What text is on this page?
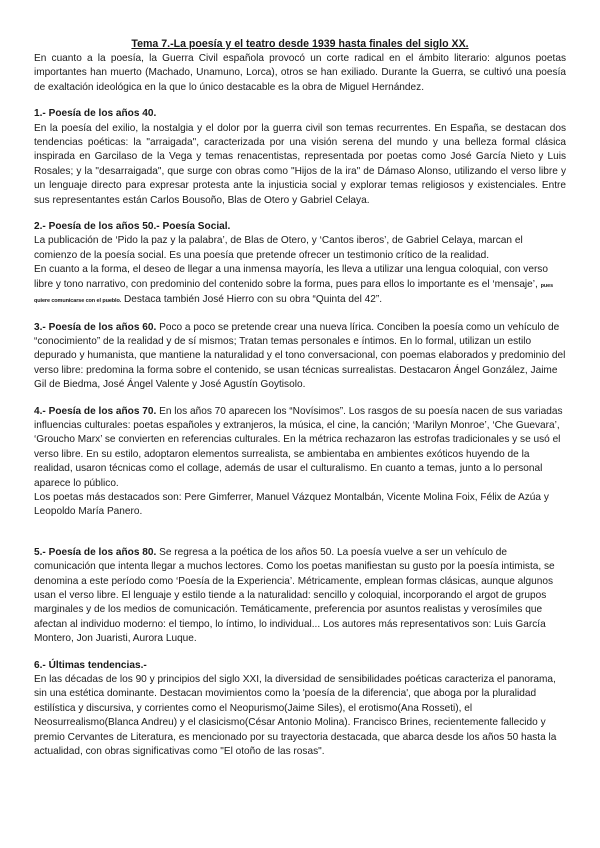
Tema 7.-La poesía y el teatro desde 1939 hasta finales del siglo XX.

En cuanto a la poesía, la Guerra Civil española provocó un corte radical en el ámbito literario: algunos poetas importantes han muerto (Machado, Unamuno, Lorca), otros se han exiliado. Durante la Guerra, se cultivó una poesía de exaltación ideológica en la que lo único destacable es la obra de Miguel Hernández.

1.- Poesía de los años 40.

En la poesía del exilio, la nostalgia y el dolor por la guerra civil son temas recurrentes. En España, se destacan dos tendencias poéticas: la "arraigada", caracterizada por una visión serena del mundo y una belleza formal clásica inspirada en Garcilaso de la Vega y temas renacentistas, representada por poetas como José García Nieto y Luis Rosales; y la "desarraigada", que surge con obras como "Hijos de la ira" de Dámaso Alonso, utilizando el verso libre y un lenguaje directo para expresar protesta ante la injusticia social y explorar temas religiosos y existenciales. Entre sus representantes están Carlos Bousoño, Blas de Otero y Gabriel Celaya.

2.- Poesía de los años 50.- Poesía Social.

La publicación de ‘Pido la paz y la palabra’, de Blas de Otero, y ‘Cantos iberos’, de Gabriel Celaya, marcan el comienzo de la poesía social. Es una poesía que pretende ofrecer un testimonio crítico de la realidad.

En cuanto a la forma, el deseo de llegar a una inmensa mayoría, les lleva a utilizar una lengua coloquial, con verso libre y tono narrativo, con predominio del contenido sobre la forma, pues para ellos lo importante es el ‘mensaje’, pues quiere comunicarse con el pueblo. Destaca también José Hierro con su obra “Quinta del 42”.

3.- Poesía de los años 60. Poco a poco se pretende crear una nueva lírica. Conciben la poesía como un vehículo de “conocimiento” de la realidad y de sí mismos; Tratan temas personales e íntimos. En lo formal, utilizan un estilo depurado y humanista, que mantiene la naturalidad y el tono conversacional, con poemas elaborados y predominio del verso libre: predomina la forma sobre el contenido, se usan técnicas surrealistas. Destacaron Ángel González, Jaime Gil de Biedma, José Ángel Valente y José Agustín Goytisolo.

4.- Poesía de los años 70. En los años 70 aparecen los “Novísimos”. Los rasgos de su poesía nacen de sus variadas influencias culturales: poetas españoles y extranjeros, la música, el cine, la canción; ‘Marilyn Monroe’, ‘Che Guevara’, ‘Groucho Marx’ se convierten en referencias culturales. En la métrica rechazaron las estrofas tradicionales y se usó el verso libre. En su estilo, adoptaron elementos surrealista, se ambientaba en ambientes exóticos huyendo de la realidad, usaron técnicas como el collage, además de usar el culturalismo. En cuanto a temas, junto a lo personal aparece lo público.

Los poetas más destacados son: Pere Gimferrer, Manuel Vázquez Montalbán, Vicente Molina Foix, Félix de Azúa y Leopoldo María Panero.

5.- Poesía de los años 80. Se regresa a la poética de los años 50. La poesía vuelve a ser un vehículo de comunicación que intenta llegar a muchos lectores. Como los poetas manifiestan su gusto por la poesía intimista, se denomina a este período como ‘Poesía de la Experiencia’. Métricamente, emplean formas clásicas, aunque algunos usan el verso libre. El lenguaje y estilo tiende a la naturalidad: sencillo y coloquial, incorporando el argot de grupos marginales y de los medios de comunicación. Temáticamente, preferencia por asuntos realistas y verosímiles que afectan al individuo moderno: el tiempo, lo íntimo, lo individual... Los autores más representativos son: Luis García Montero, Jon Juaristi, Aurora Luque.

6.- Últimas tendencias.-

En las décadas de los 90 y principios del siglo XXI, la diversidad de sensibilidades poéticas caracteriza el panorama, sin una estética dominante. Destacan movimientos como la 'poesía de la diferencia', que aboga por la pluralidad estilística y discursiva, y corrientes como el Neopurismo(Jaime Siles), el erotismo(Ana Rosseti), el Neosurrealismo(Blanca Andreu) y el clasicismo(César Antonio Molina). Francisco Brines, recientemente fallecido y premio Cervantes de Literatura, es mencionado por su trayectoria destacada, que abarca desde los años 50 hasta la actualidad, con obras significativas como "El otoño de las rosas".
